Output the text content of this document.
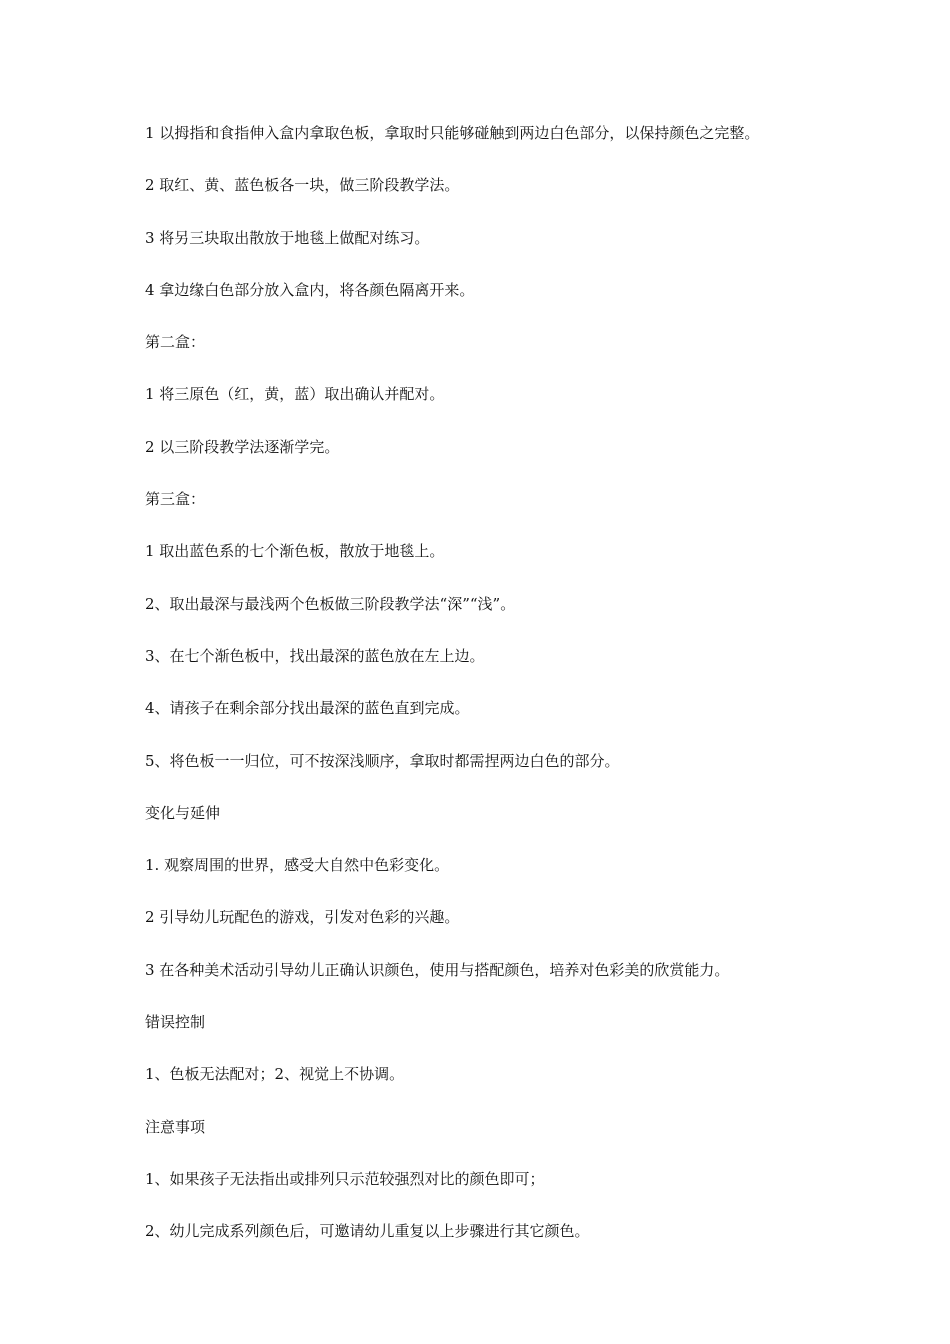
1 以拇指和食指伸入盒内拿取色板，拿取时只能够碰触到两边白色部分，以保持颜色之完整。
2 取红、黄、蓝色板各一块，做三阶段教学法。
3 将另三块取出散放于地毯上做配对练习。
4 拿边缘白色部分放入盒内，将各颜色隔离开来。
第二盒：
1 将三原色（红，黄，蓝）取出确认并配对。
2 以三阶段教学法逐渐学完。
第三盒：
1 取出蓝色系的七个渐色板，散放于地毯上。
2、取出最深与最浅两个色板做三阶段教学法“深”“浅”。
3、在七个渐色板中，找出最深的蓝色放在左上边。
4、请孩子在剩余部分找出最深的蓝色直到完成。
5、将色板一一归位，可不按深浅顺序，拿取时都需捏两边白色的部分。
变化与延伸
1. 观察周围的世界，感受大自然中色彩变化。
2 引导幼儿玩配色的游戏，引发对色彩的兴趣。
3 在各种美术活动引导幼儿正确认识颜色，使用与搭配颜色，培养对色彩美的欣赏能力。
错误控制
1、色板无法配对；2、视觉上不协调。
注意事项
1、如果孩子无法指出或排列只示范较强烈对比的颜色即可；
2、幼儿完成系列颜色后，可邀请幼儿重复以上步骤进行其它颜色。
